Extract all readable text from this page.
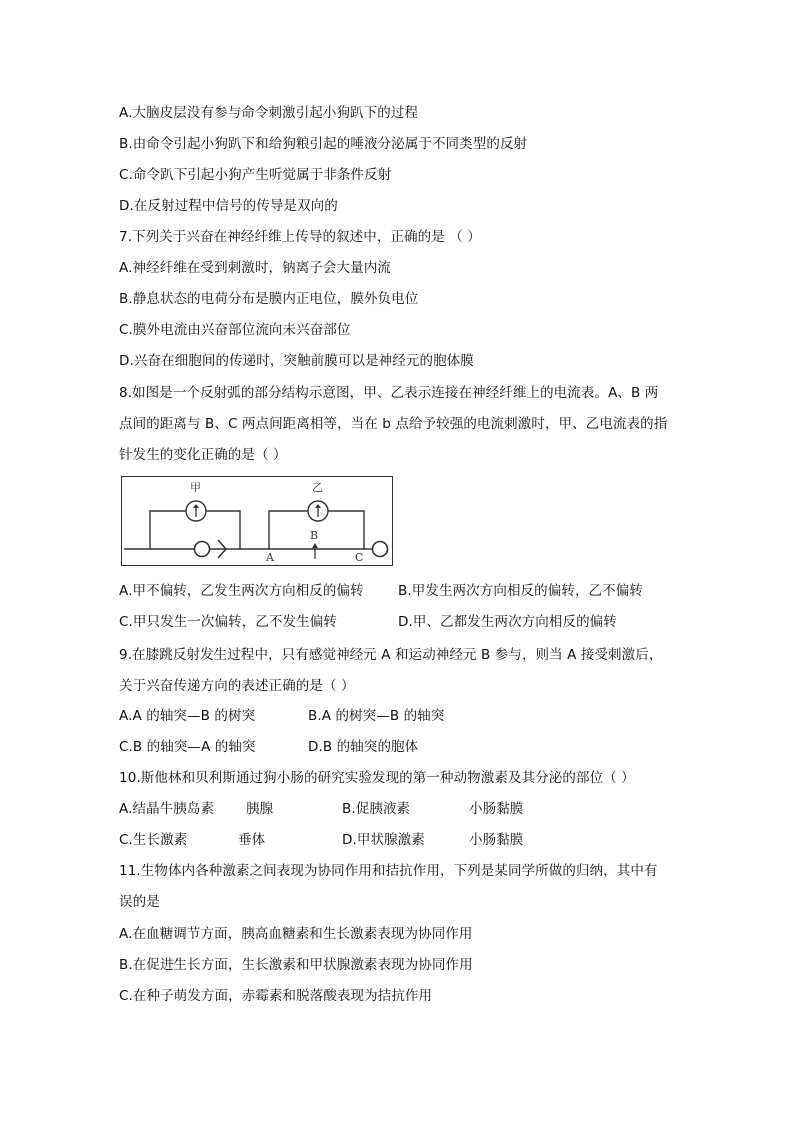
A.大脑皮层没有参与命令刺激引起小狗趴下的过程
B.由命令引起小狗趴下和给狗粮引起的唾液分泌属于不同类型的反射
C.命令趴下引起小狗产生听觉属于非条件反射
D.在反射过程中信号的传导是双向的
7.下列关于兴奋在神经纤维上传导的叙述中，正确的是 （ ）
A.神经纤维在受到刺激时，钠离子会大量内流
B.静息状态的电荷分布是膜内正电位，膜外负电位
C.膜外电流由兴奋部位流向未兴奋部位
D.兴奋在细胞间的传递时，突触前膜可以是神经元的胞体膜
8.如图是一个反射弧的部分结构示意图，甲、乙表示连接在神经纤维上的电流表。A、B 两
点间的距离与 B、C 两点间距离相等，当在 b 点给予较强的电流刺激时，甲、乙电流表的指
针发生的变化正确的是（ ）
甲	乙
A
B
C
A.甲不偏转，乙发生两次方向相反的偏转	B.甲发生两次方向相反的偏转，乙不偏转
C.甲只发生一次偏转，乙不发生偏转	D.甲、乙都发生两次方向相反的偏转
9.在膝跳反射发生过程中，只有感觉神经元 A 和运动神经元 B 参与，则当 A 接受刺激后，
关于兴奋传递方向的表述正确的是（ ）
A.A 的轴突—B 的树突	B.A 的树突—B 的轴突
C.B 的轴突—A 的轴突	D.B 的轴突的胞体
10.斯他林和贝利斯通过狗小肠的研究实验发现的第一种动物激素及其分泌的部位（ ）
A.结晶牛胰岛素 胰腺	B.促胰液素	小肠黏膜
C.生长激素	垂体	D.甲状腺激素	小肠黏膜
11.生物体内各种激素之间表现为协同作用和拮抗作用，下列是某同学所做的归纳，其中有
误的是
A.在血糖调节方面，胰高血糖素和生长激素表现为协同作用
B.在促进生长方面，生长激素和甲状腺激素表现为协同作用
C.在种子萌发方面，赤霉素和脱落酸表现为拮抗作用
